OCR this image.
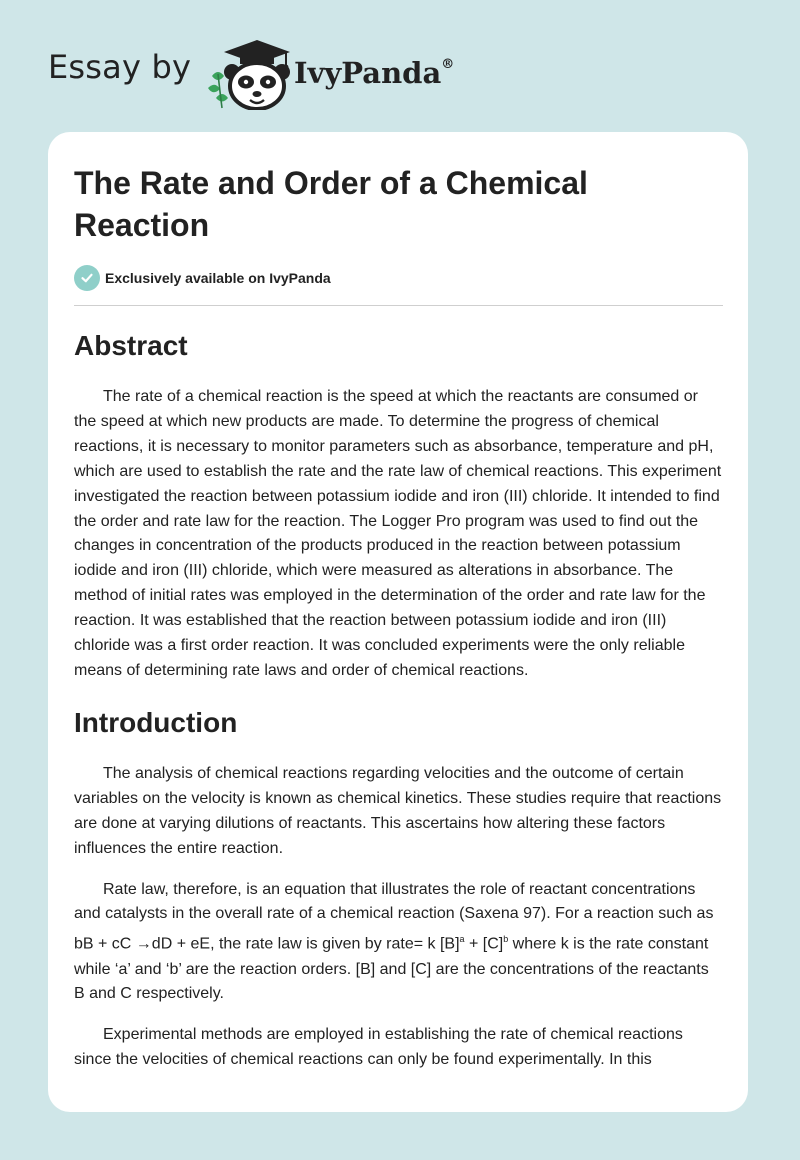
Essay by	IvyPanda®
The Rate and Order of a Chemical Reaction
Exclusively available on IvyPanda
Abstract

The rate of a chemical reaction is the speed at which the reactants are consumed or the speed at which new products are made. To determine the progress of chemical reactions, it is necessary to monitor parameters such as absorbance, temperature and pH, which are used to establish the rate and the rate law of chemical reactions. This experiment investigated the reaction between potassium iodide and iron (III) chloride. It intended to find the order and rate law for the reaction. The Logger Pro program was used to find out the changes in concentration of the products produced in the reaction between potassium iodide and iron (III) chloride, which were measured as alterations in absorbance. The method of initial rates was employed in the determination of the order and rate law for the reaction. It was established that the reaction between potassium iodide and iron (III) chloride was a first order reaction. It was concluded experiments were the only reliable means of determining rate laws and order of chemical reactions.

Introduction

The analysis of chemical reactions regarding velocities and the outcome of certain variables on the velocity is known as chemical kinetics. These studies require that reactions are done at varying dilutions of reactants. This ascertains how altering these factors influences the entire reaction.

Rate law, therefore, is an equation that illustrates the role of reactant concentrations and catalysts in the overall rate of a chemical reaction (Saxena 97). For a reaction such as bB + cC →dD + eE, the rate law is given by rate= k $[B]^a + [C]^b$ where k is the rate constant while ‘a’ and ‘b’ are the reaction orders. [B] and [C] are the concentrations of the reactants B and C respectively.

Experimental methods are employed in establishing the rate of chemical reactions since the velocities of chemical reactions can only be found experimentally. In this
